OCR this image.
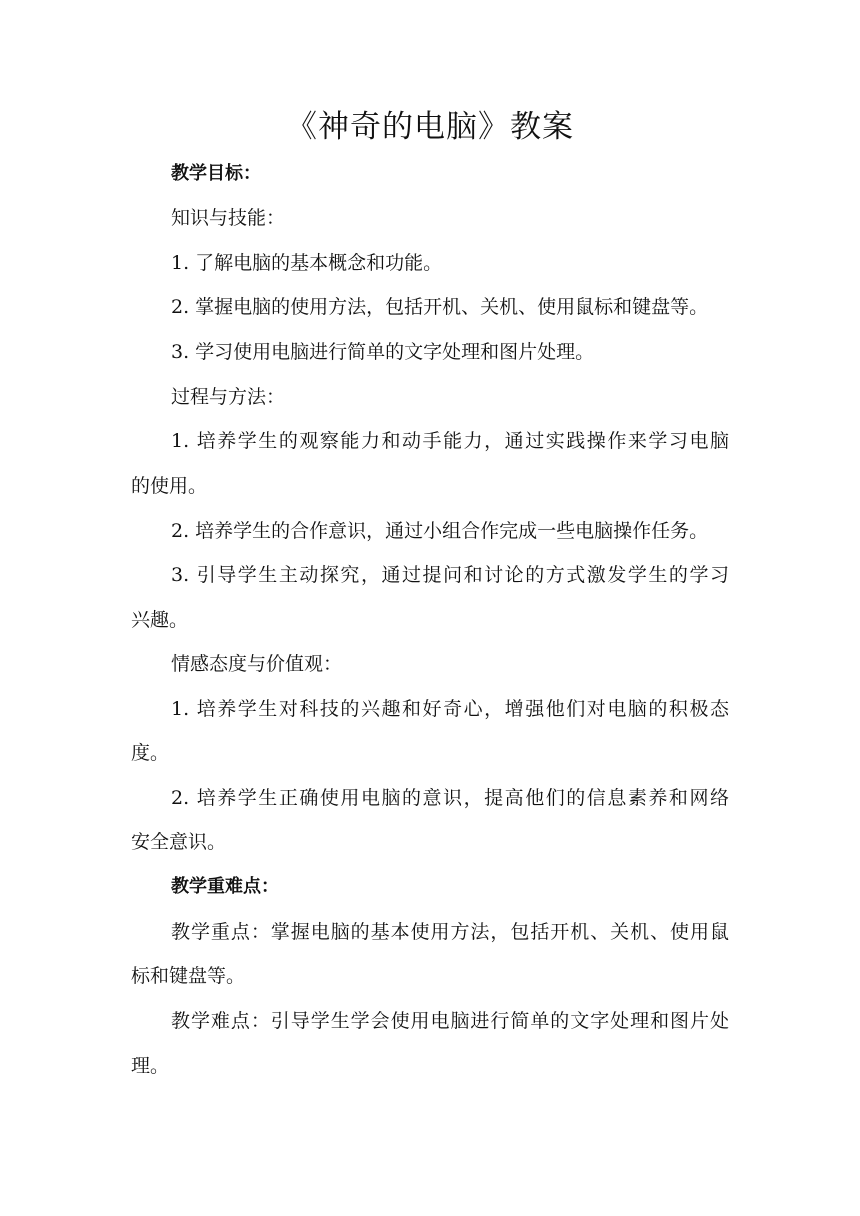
《神奇的电脑》教案

教学目标：

知识与技能：

1. 了解电脑的基本概念和功能。

2. 掌握电脑的使用方法，包括开机、关机、使用鼠标和键盘等。

3. 学习使用电脑进行简单的文字处理和图片处理。

过程与方法：

1. 培养学生的观察能力和动手能力，通过实践操作来学习电脑

的使用。

2. 培养学生的合作意识，通过小组合作完成一些电脑操作任务。

3. 引导学生主动探究，通过提问和讨论的方式激发学生的学习

兴趣。

情感态度与价值观：

1. 培养学生对科技的兴趣和好奇心，增强他们对电脑的积极态

度。

2. 培养学生正确使用电脑的意识，提高他们的信息素养和网络

安全意识。

教学重难点：

教学重点：掌握电脑的基本使用方法，包括开机、关机、使用鼠

标和键盘等。

教学难点：引导学生学会使用电脑进行简单的文字处理和图片处

理。
